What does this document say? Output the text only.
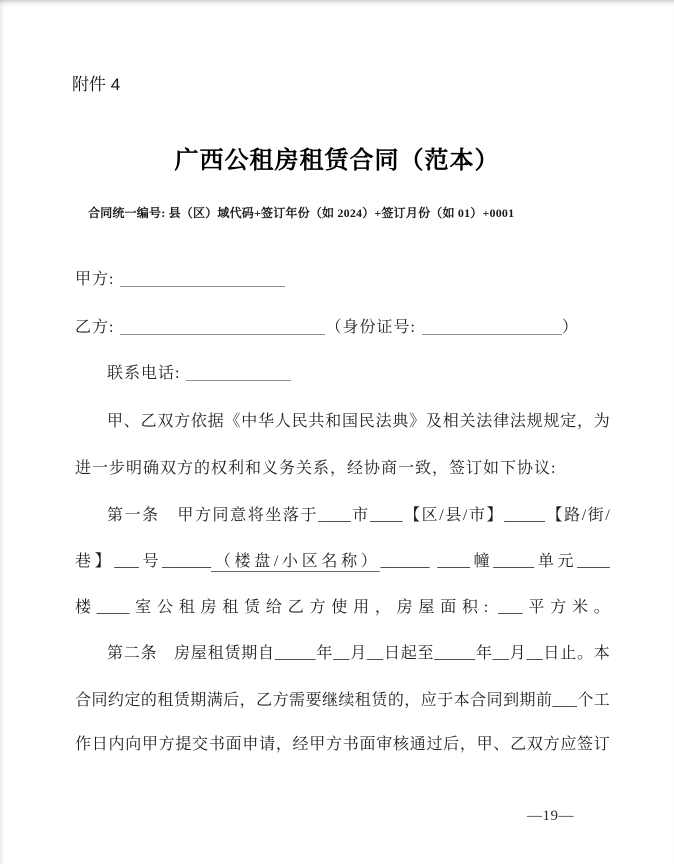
附件 4
广西公租房租赁合同（范本）
合同统一编号: 县（区）域代码+签订年份（如 2024）+签订月份（如 01）+0001
甲方:
乙方:	（身份证号:	）
联系电话:
甲、乙双方依据《中华人民共和国民法典》及相关法律法规规定，为
进一步明确双方的权利和义务关系，经协商一致，签订如下协议:
第一条　甲方同意将坐落于____市____【区/县/市】_____【路/街/
巷】___号______（楼盘/小区名称）______ ____幢_____单元____
楼____室公租房租赁给乙方使用，房屋面积: ___平方米。
第二条　房屋租赁期自_____年__月__日起至_____年__月__日止。本
合同约定的租赁期满后，乙方需要继续租赁的，应于本合同到期前___个工
作日内向甲方提交书面申请，经甲方书面审核通过后，甲、乙双方应签订
—19—
